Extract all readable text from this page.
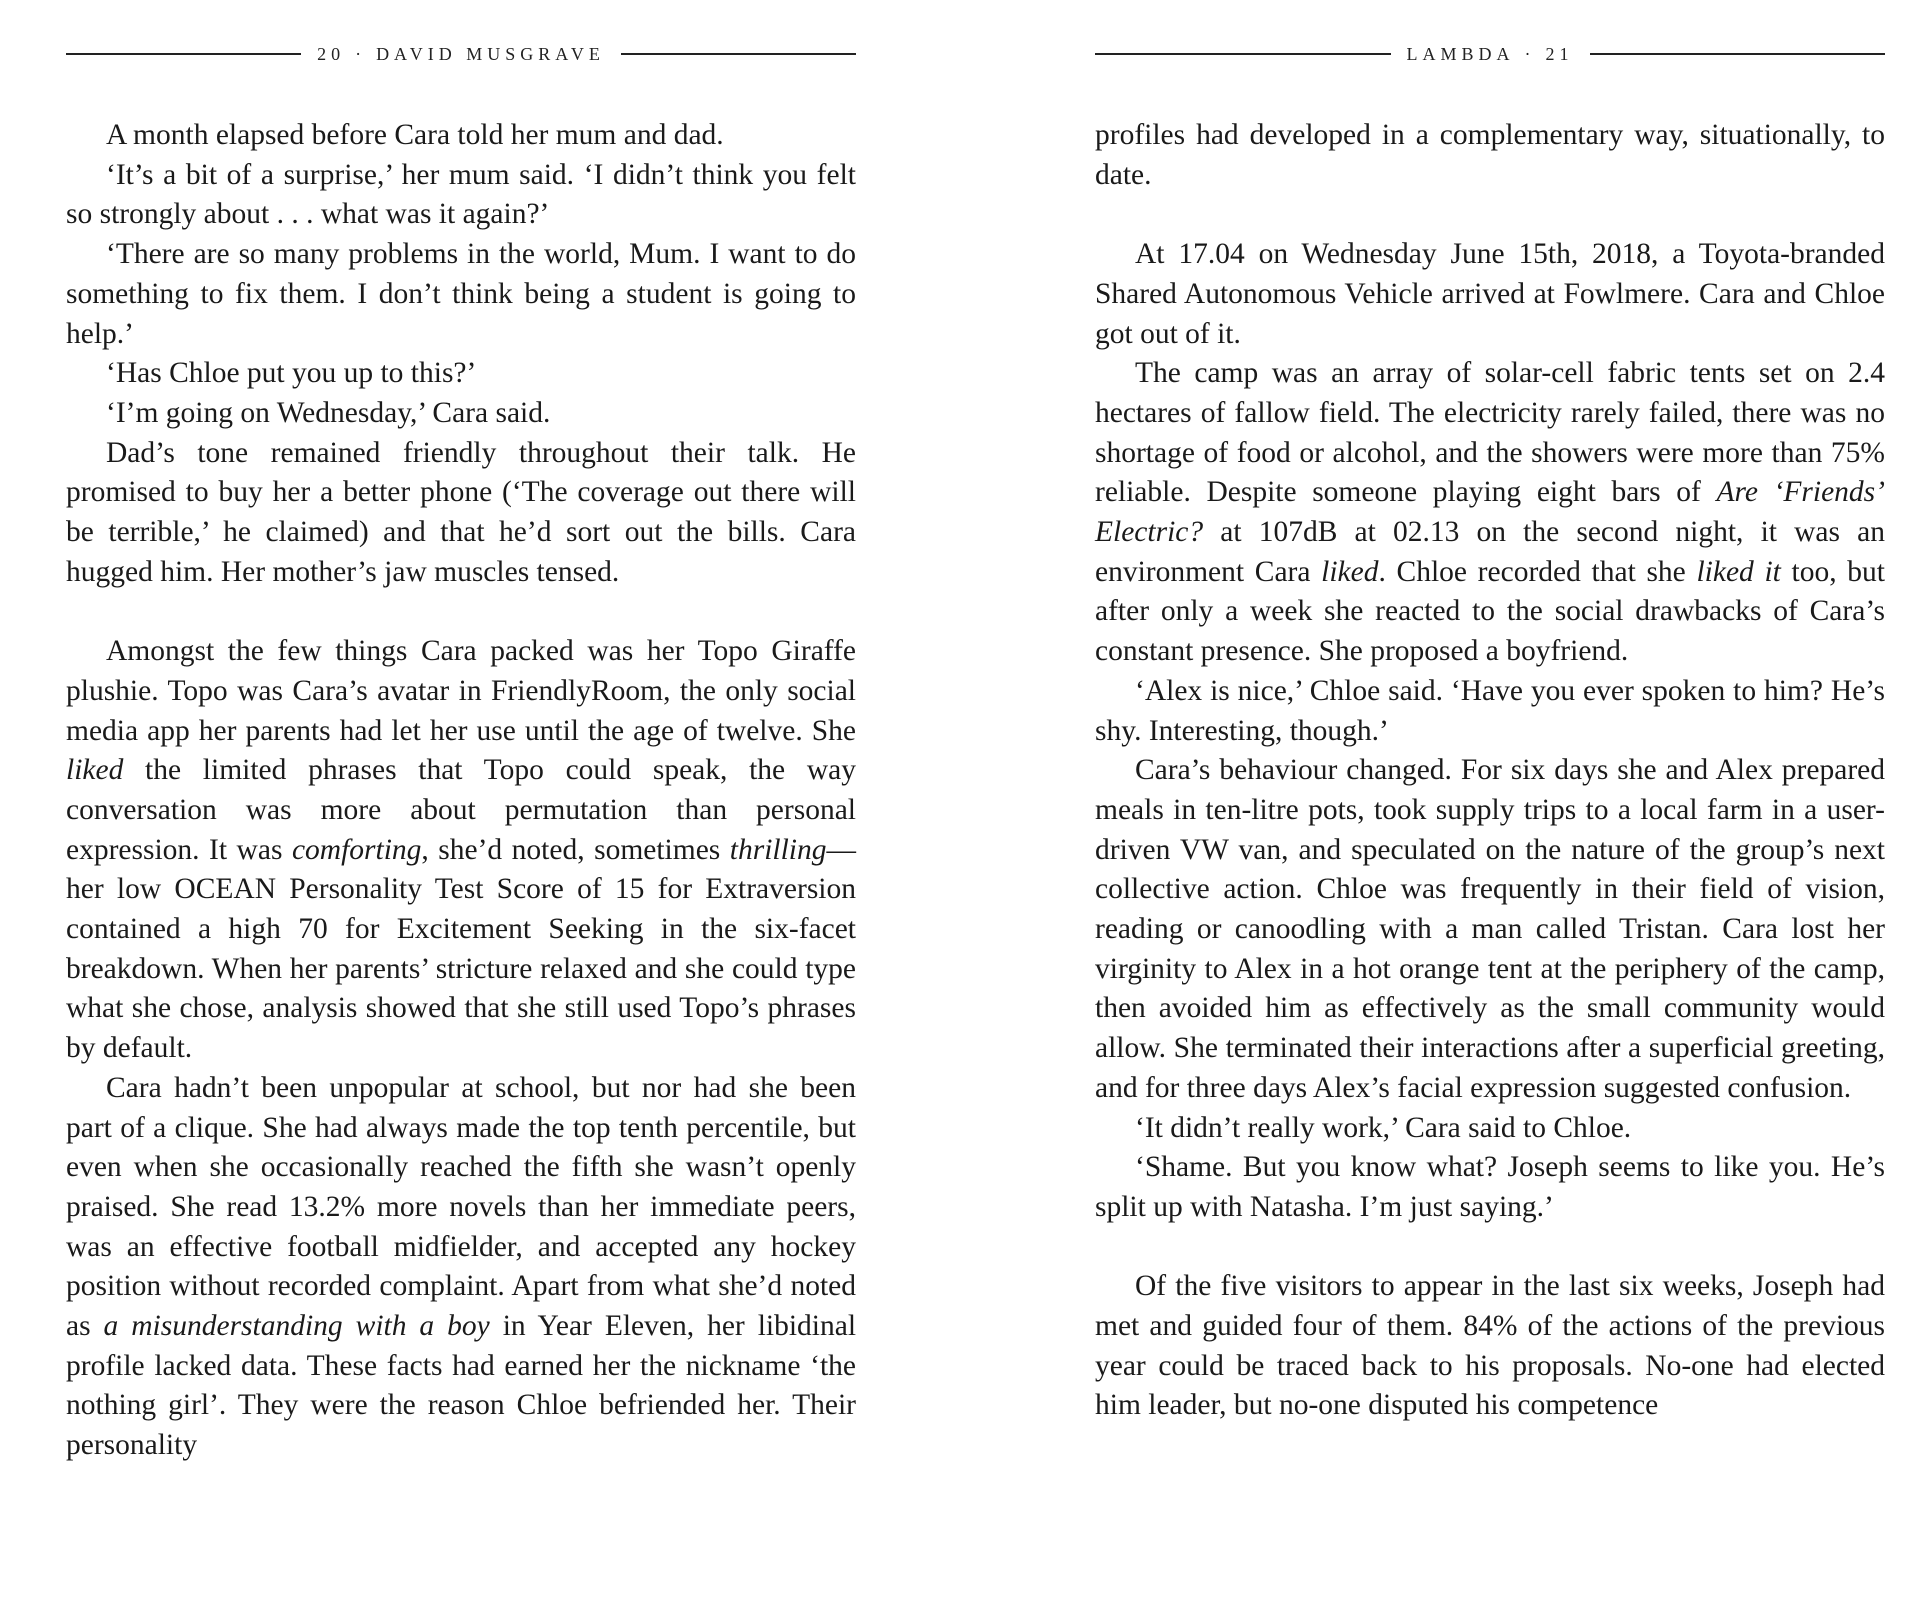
20 · DAVID MUSGRAVE

A month elapsed before Cara told her mum and dad.

‘It’s a bit of a surprise,’ her mum said. ‘I didn’t think you felt so strongly about . . . what was it again?’

‘There are so many problems in the world, Mum. I want to do something to fix them. I don’t think being a student is going to help.’

‘Has Chloe put you up to this?’

‘I’m going on Wednesday,’ Cara said.

Dad’s tone remained friendly throughout their talk. He promised to buy her a better phone (‘The coverage out there will be terrible,’ he claimed) and that he’d sort out the bills. Cara hugged him. Her mother’s jaw muscles tensed.

Amongst the few things Cara packed was her Topo Giraffe plushie. Topo was Cara’s avatar in FriendlyRoom, the only social media app her parents had let her use until the age of twelve. She liked the limited phrases that Topo could speak, the way conversation was more about permutation than personal expression. It was comforting, she’d noted, sometimes thrilling—her low OCEAN Personality Test Score of 15 for Extraversion contained a high 70 for Excitement Seeking in the six-facet breakdown. When her parents’ stricture relaxed and she could type what she chose, analysis showed that she still used Topo’s phrases by default.

Cara hadn’t been unpopular at school, but nor had she been part of a clique. She had always made the top tenth percentile, but even when she occasionally reached the fifth she wasn’t openly praised. She read 13.2% more novels than her immediate peers, was an effective football midfielder, and accepted any hockey position without recorded complaint. Apart from what she’d noted as a misunderstanding with a boy in Year Eleven, her libidinal profile lacked data. These facts had earned her the nickname ‘the nothing girl’. They were the reason Chloe befriended her. Their personality

LAMBDA · 21

profiles had developed in a complementary way, situationally, to date.

At 17.04 on Wednesday June 15th, 2018, a Toyota-branded Shared Autonomous Vehicle arrived at Fowlmere. Cara and Chloe got out of it.

The camp was an array of solar-cell fabric tents set on 2.4 hectares of fallow field. The electricity rarely failed, there was no shortage of food or alcohol, and the showers were more than 75% reliable. Despite someone playing eight bars of Are ‘Friends’ Electric? at 107dB at 02.13 on the second night, it was an environment Cara liked. Chloe recorded that she liked it too, but after only a week she reacted to the social drawbacks of Cara’s constant presence. She proposed a boyfriend.

‘Alex is nice,’ Chloe said. ‘Have you ever spoken to him? He’s shy. Interesting, though.’

Cara’s behaviour changed. For six days she and Alex prepared meals in ten-litre pots, took supply trips to a local farm in a user-driven VW van, and speculated on the nature of the group’s next collective action. Chloe was frequently in their field of vision, reading or canoodling with a man called Tristan. Cara lost her virginity to Alex in a hot orange tent at the periphery of the camp, then avoided him as effectively as the small community would allow. She terminated their interactions after a superficial greeting, and for three days Alex’s facial expression suggested confusion.

‘It didn’t really work,’ Cara said to Chloe.

‘Shame. But you know what? Joseph seems to like you. He’s split up with Natasha. I’m just saying.’

Of the five visitors to appear in the last six weeks, Joseph had met and guided four of them. 84% of the actions of the previous year could be traced back to his proposals. No-one had elected him leader, but no-one disputed his competence
